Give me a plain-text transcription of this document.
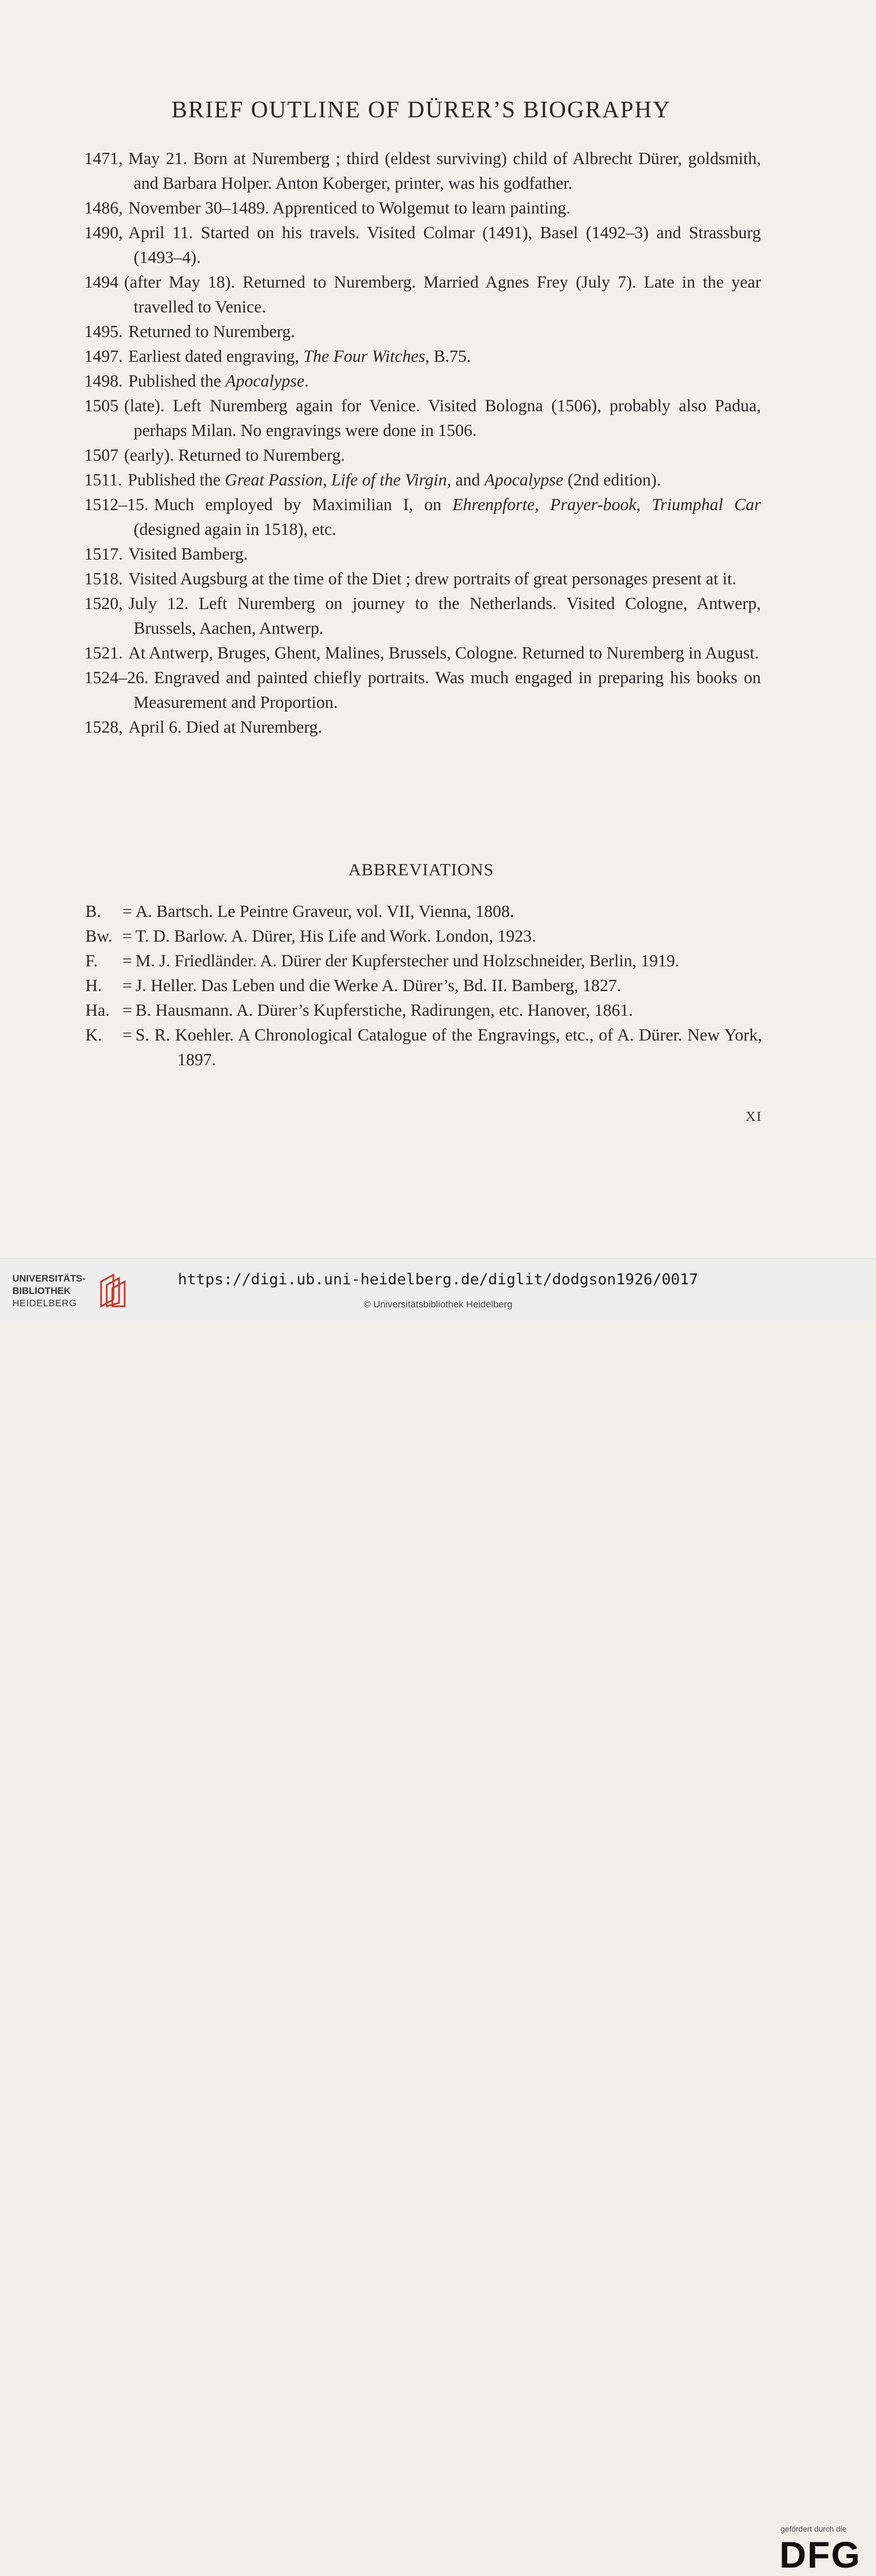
BRIEF OUTLINE OF DÜRER’S BIOGRAPHY

1471, May 21. Born at Nuremberg ; third (eldest surviving) child of Albrecht Dürer, goldsmith, and Barbara Holper. Anton Koberger, printer, was his godfather.

1486, November 30–1489. Apprenticed to Wolgemut to learn painting.

1490, April 11. Started on his travels. Visited Colmar (1491), Basel (1492–3) and Strassburg (1493–4).

1494 (after May 18). Returned to Nuremberg. Married Agnes Frey (July 7). Late in the year travelled to Venice.

1495. Returned to Nuremberg.

1497. Earliest dated engraving, The Four Witches, B.75.

1498. Published the Apocalypse.

1505 (late). Left Nuremberg again for Venice. Visited Bologna (1506), probably also Padua, perhaps Milan. No engravings were done in 1506.

1507 (early). Returned to Nuremberg.

1511. Published the Great Passion, Life of the Virgin, and Apocalypse (2nd edition).

1512–15. Much employed by Maximilian I, on Ehrenpforte, Prayer-book, Triumphal Car (designed again in 1518), etc.

1517. Visited Bamberg.

1518. Visited Augsburg at the time of the Diet ; drew portraits of great personages present at it.

1520, July 12. Left Nuremberg on journey to the Netherlands. Visited Cologne, Antwerp, Brussels, Aachen, Antwerp.

1521. At Antwerp, Bruges, Ghent, Malines, Brussels, Cologne. Returned to Nuremberg in August.

1524–26. Engraved and painted chiefly portraits. Was much engaged in preparing his books on Measurement and Proportion.

1528, April 6. Died at Nuremberg.

ABBREVIATIONS
B. = A. Bartsch. Le Peintre Graveur, vol. VII, Vienna, 1808.
Bw. = T. D. Barlow. A. Dürer, His Life and Work. London, 1923.
F. = M. J. Friedländer. A. Dürer der Kupferstecher und Holzschneider, Berlin, 1919.
H. = J. Heller. Das Leben und die Werke A. Dürer’s, Bd. II. Bamberg, 1827.
Ha. = B. Hausmann. A. Dürer’s Kupferstiche, Radirungen, etc. Hanover, 1861.
K. = S. R. Koehler. A Chronological Catalogue of the Engravings, etc., of A. Dürer. New York, 1897.
XI
UNIVERSITÄTS-
BIBLIOTHEK
HEIDELBERG
gefördert durch die
DFG
https://digi.ub.uni-heidelberg.de/diglit/dodgson1926/0017
© Universitätsbibliothek Heidelberg
